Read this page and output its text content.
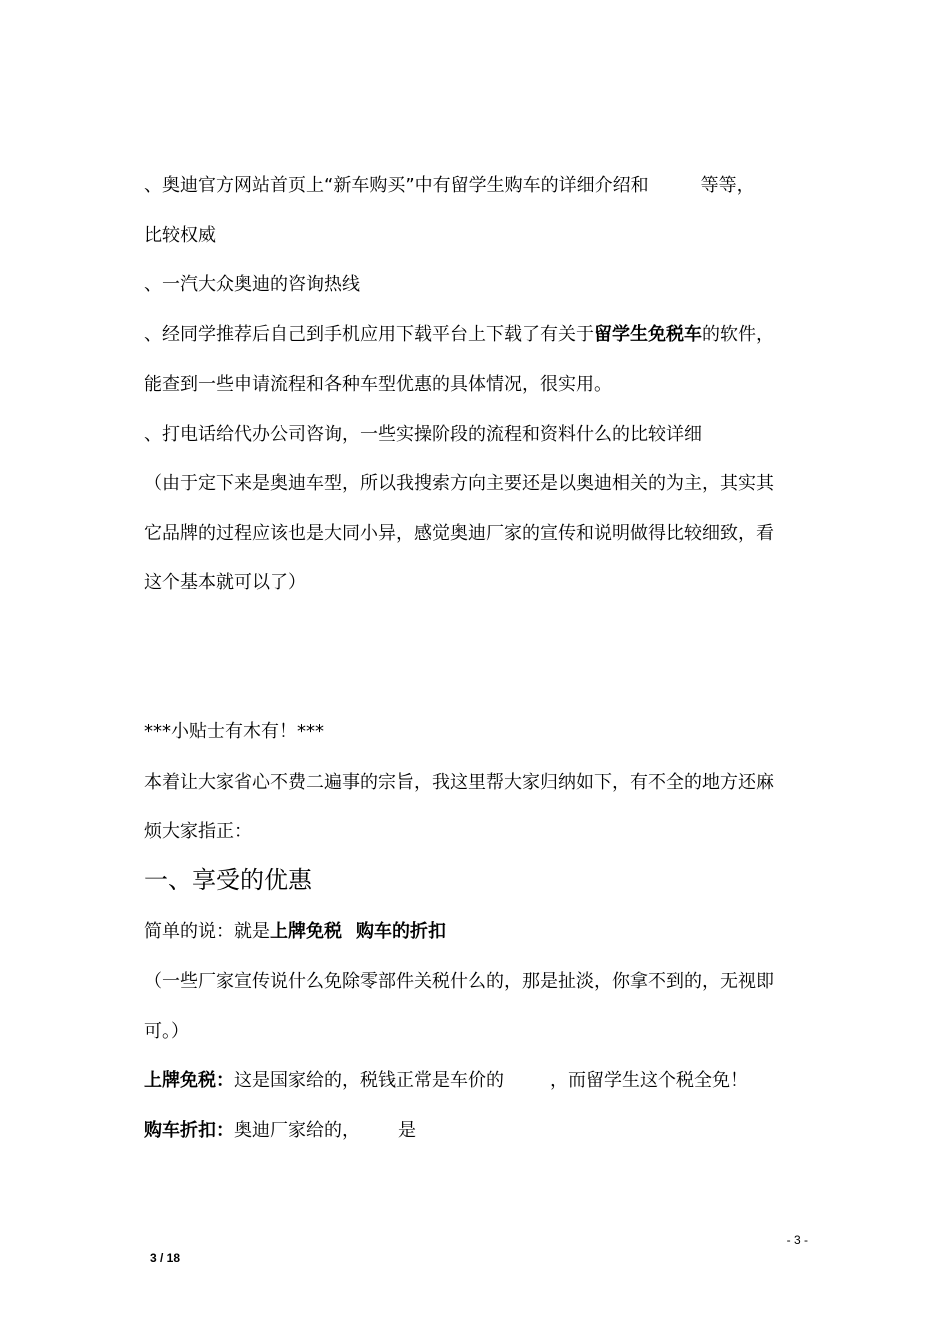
、奥迪官方网站首页上“新车购买”中有留学生购车的详细介绍和	等等，
比较权威
、一汽大众奥迪的咨询热线
、经同学推荐后自己到手机应用下载平台上下载了有关于留学生免税车的软件，
能查到一些申请流程和各种车型优惠的具体情况，很实用。
、打电话给代办公司咨询，一些实操阶段的流程和资料什么的比较详细
（由于定下来是奥迪车型，所以我搜索方向主要还是以奥迪相关的为主，其实其
它品牌的过程应该也是大同小异，感觉奥迪厂家的宣传和说明做得比较细致，看
这个基本就可以了）
***小贴士有木有！***
本着让大家省心不费二遍事的宗旨，我这里帮大家归纳如下，有不全的地方还麻
烦大家指正：
一、享受的优惠
简单的说：就是上牌免税 购车的折扣
（一些厂家宣传说什么免除零部件关税什么的，那是扯淡，你拿不到的，无视即
可。）
上牌免税：这是国家给的，税钱正常是车价的	，而留学生这个税全免！
购车折扣：奥迪厂家给的， 是
- 3 -
3 / 18
